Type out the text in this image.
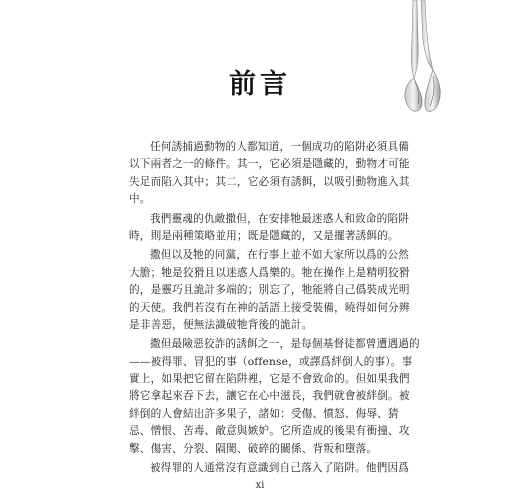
前言
任何誘捕過動物的人都知道，一個成功的陷阱必須具備
以下兩者之一的條件。其一，它必須是隱藏的，動物才可能
失足而陷入其中；其二，它必須有誘餌，以吸引動物進入其
中。
我們靈魂的仇敵撒但，在安排牠最迷惑人和致命的陷阱
時，則是兩種策略並用；既是隱藏的，又是擺著誘餌的。
撒但以及牠的同黨，在行事上並不如大家所以爲的公然
大膽；牠是狡猾且以迷惑人爲樂的。牠在操作上是精明狡猾
的，是靈巧且詭計多端的；別忘了，牠能將自己僞裝成光明
的天使。我們若沒有在神的話語上接受裝備，曉得如何分辨
是非善惡，便無法識破牠背後的詭計。
撒但最險惡狡詐的誘餌之一，是每個基督徒都曾遭遇過的
——被得罪、冒犯的事（offense，或譯爲絆倒人的事）。事
實上，如果把它留在陷阱裡，它是不會致命的。但如果我們
將它拿起來吞下去，讓它在心中滋長，我們就會被絆倒。被
絆倒的人會結出許多果子，諸如：受傷、憤怒、侮辱、猜
忌、憎恨、苦毒、敵意與嫉妒。它所造成的後果有衝撞、攻
擊、傷害、分裂、隔閡、破碎的關係、背叛和墮落。
被得罪的人通常沒有意識到自己落入了陷阱。他們因爲
xi
